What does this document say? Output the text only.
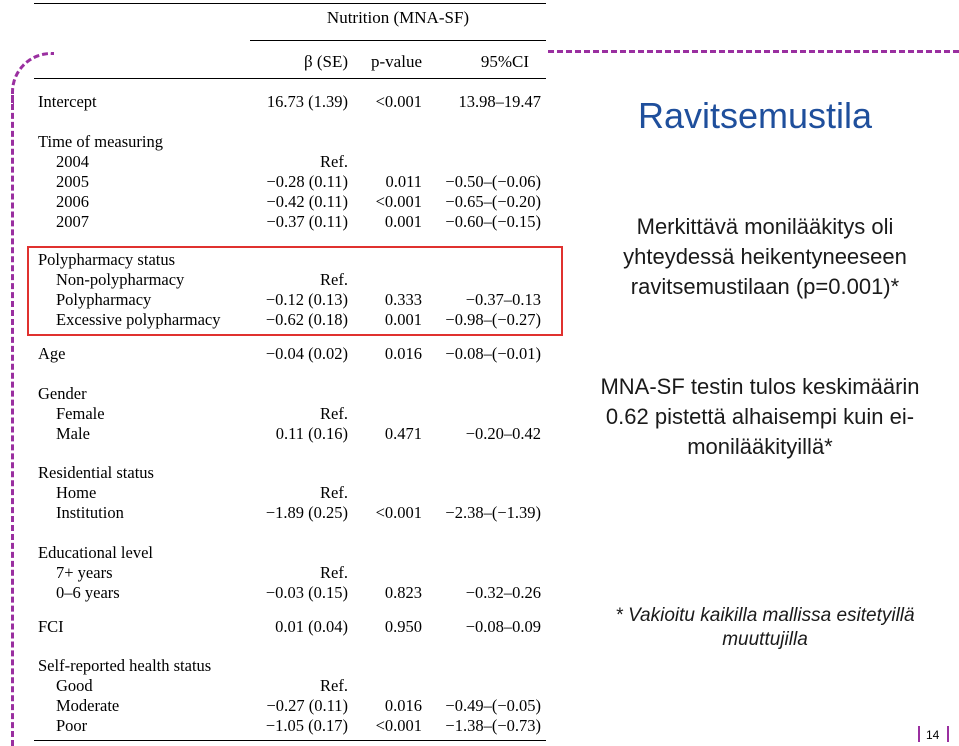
Nutrition (MNA-SF)
β (SE)	p-value	95%CI
Intercept	16.73 (1.39)	<0.001	13.98–19.47
Time of measuring
2004	Ref.
2005	−0.28 (0.11)	0.011	−0.50–(−0.06)
2006	−0.42 (0.11)	<0.001	−0.65–(−0.20)
2007	−0.37 (0.11)	0.001	−0.60–(−0.15)
Polypharmacy status
Non-polypharmacy	Ref.
Polypharmacy	−0.12 (0.13)	0.333	−0.37–0.13
Excessive polypharmacy	−0.62 (0.18)	0.001	−0.98–(−0.27)
Age	−0.04 (0.02)	0.016	−0.08–(−0.01)
Gender
Female	Ref.
Male	0.11 (0.16)	0.471	−0.20–0.42
Residential status
Home	Ref.
Institution	−1.89 (0.25)	<0.001	−2.38–(−1.39)
Educational level
7+ years	Ref.
0–6 years	−0.03 (0.15)	0.823	−0.32–0.26
FCI	0.01 (0.04)	0.950	−0.08–0.09
Self-reported health status
Good	Ref.
Moderate	−0.27 (0.11)	0.016	−0.49–(−0.05)
Poor	−1.05 (0.17)	<0.001	−1.38–(−0.73)
Ravitsemustila
Merkittävä monilääkitys oli yhteydessä heikentyneeseen ravitsemustilaan (p=0.001)*
MNA-SF testin tulos keskimäärin 0.62 pistettä alhaisempi kuin ei-monilääkityillä*
* Vakioitu kaikilla mallissa esitetyillä muuttujilla
14
